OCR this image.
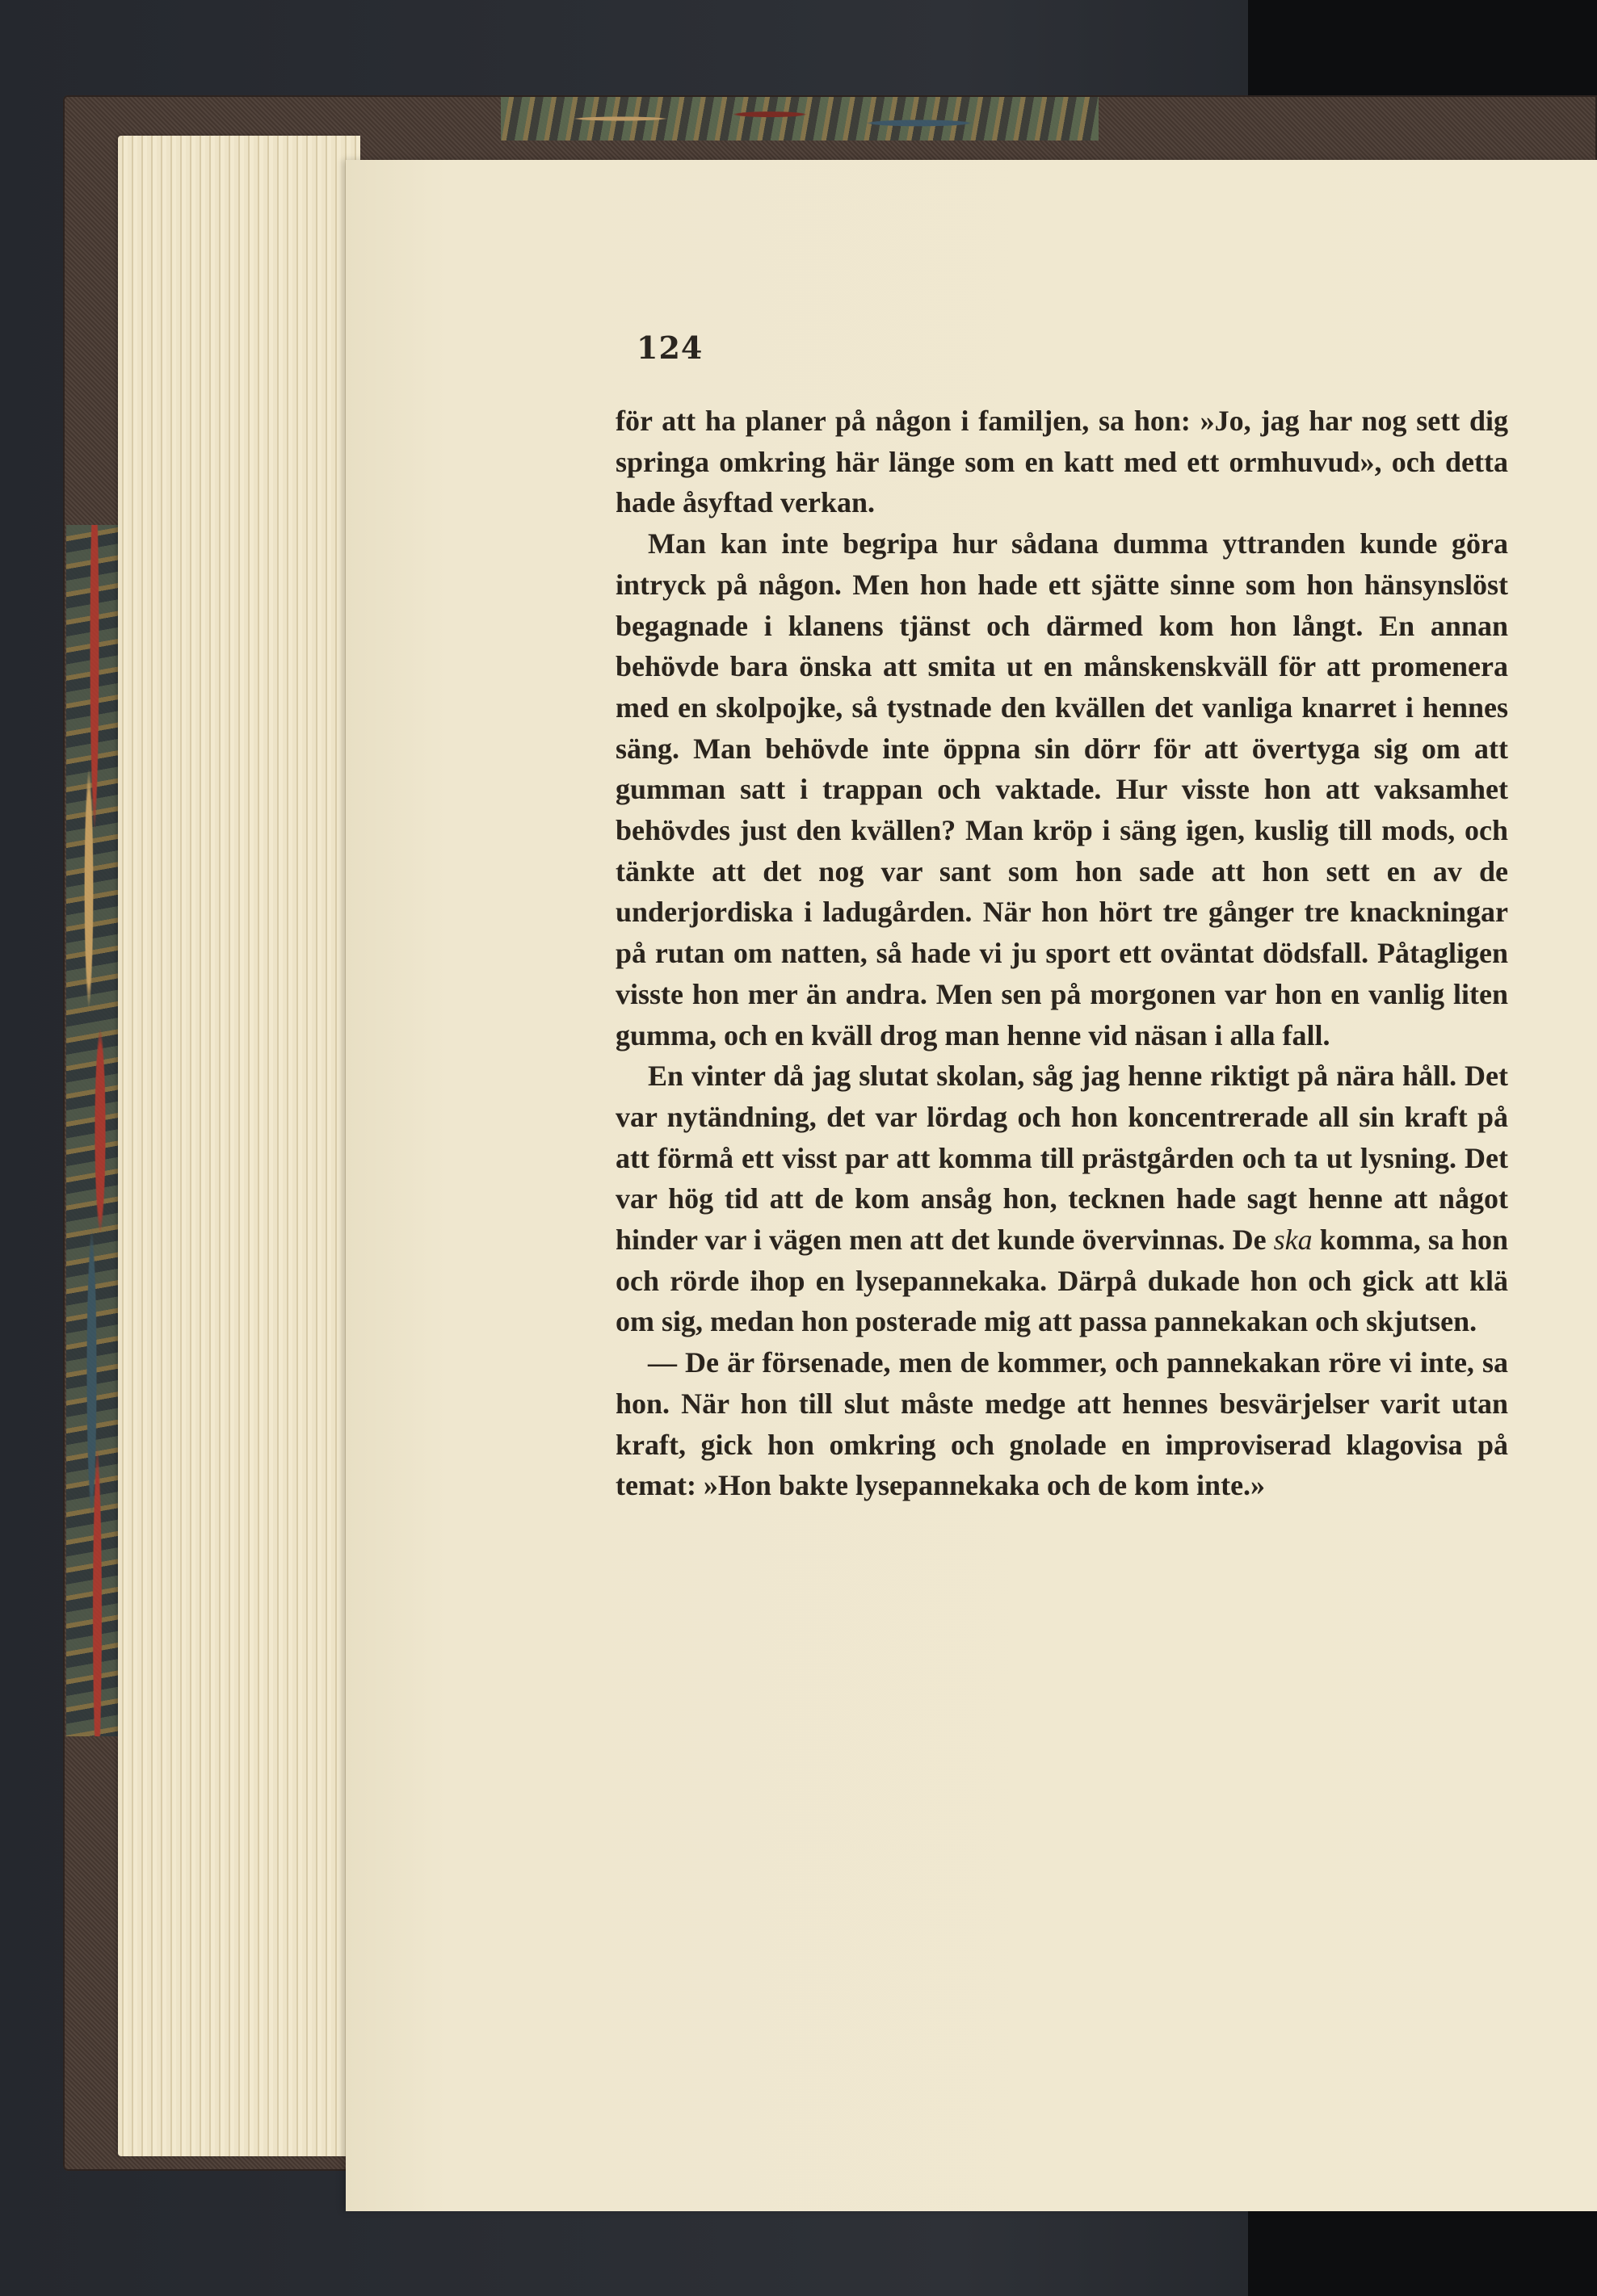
124

för att ha planer på någon i familjen, sa hon: »Jo, jag har nog sett dig springa omkring här länge som en katt med ett ormhuvud», och detta hade åsyftad verkan.

Man kan inte begripa hur sådana dumma yttranden kunde göra intryck på någon. Men hon hade ett sjätte sinne som hon hänsynslöst begagnade i klanens tjänst och därmed kom hon långt. En annan behövde bara önska att smita ut en månskenskväll för att promenera med en skolpojke, så tystnade den kvällen det vanliga knarret i hennes säng. Man behövde inte öppna sin dörr för att övertyga sig om att gumman satt i trappan och vaktade. Hur visste hon att vaksamhet behövdes just den kvällen? Man kröp i säng igen, kuslig till mods, och tänkte att det nog var sant som hon sade att hon sett en av de underjordiska i ladugården. När hon hört tre gånger tre knackningar på rutan om natten, så hade vi ju sport ett oväntat dödsfall. Påtagligen visste hon mer än andra. Men sen på morgonen var hon en vanlig liten gumma, och en kväll drog man henne vid näsan i alla fall.

En vinter då jag slutat skolan, såg jag henne riktigt på nära håll. Det var nytändning, det var lördag och hon koncentrerade all sin kraft på att förmå ett visst par att komma till prästgården och ta ut lysning. Det var hög tid att de kom ansåg hon, tecknen hade sagt henne att något hinder var i vägen men att det kunde övervinnas. De ska komma, sa hon och rörde ihop en lysepannekaka. Därpå dukade hon och gick att klä om sig, medan hon posterade mig att passa pannekakan och skjutsen.

— De är försenade, men de kommer, och pannekakan röre vi inte, sa hon. När hon till slut måste medge att hennes besvärjelser varit utan kraft, gick hon omkring och gnolade en improviserad klagovisa på temat: »Hon bakte lysepannekaka och de kom inte.»
